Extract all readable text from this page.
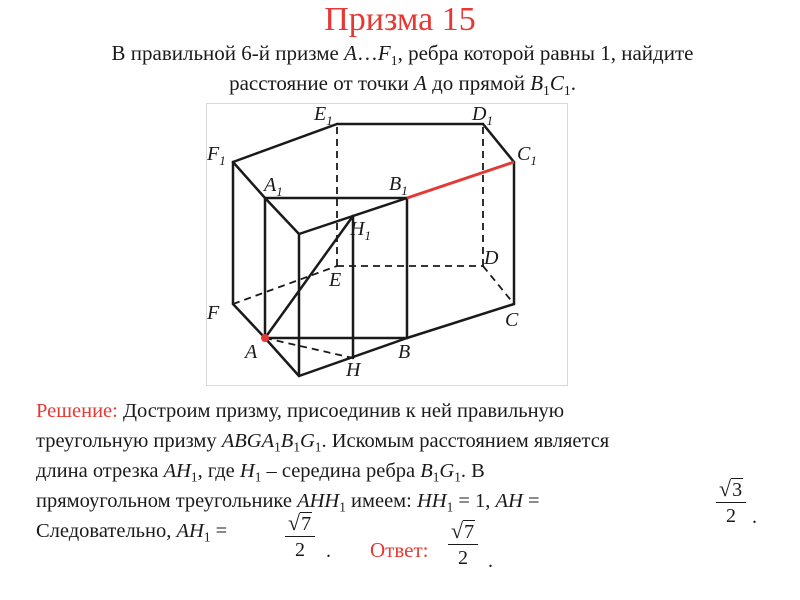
Призма 15
В правильной 6-й призме $A\dots F_1$, ребра которой равны 1, найдите
расстояние от точки A до прямой $B_1C_1$.
$E_1$	$D_1$
$F_1$	$C_1$
$A_1$	$B_1$
$H_1$
E
D
F	C
A	B
H
Решение: Достроим призму, присоединив к ней правильную
треугольную призму $ABGA_1B_1G_1$. Искомым расстоянием является
длина отрезка $AH_1$, где $H_1$ – середина ребра $B_1G_1$. В
прямоугольном треугольнике $AHH_1$ имеем: $HH_1 = 1$, AH =
Следовательно, $AH_1$ =
$\frac{√3}{2}$ .
$\frac{√7}{2}$ . Ответ: $\frac{√7}{2}$ .
